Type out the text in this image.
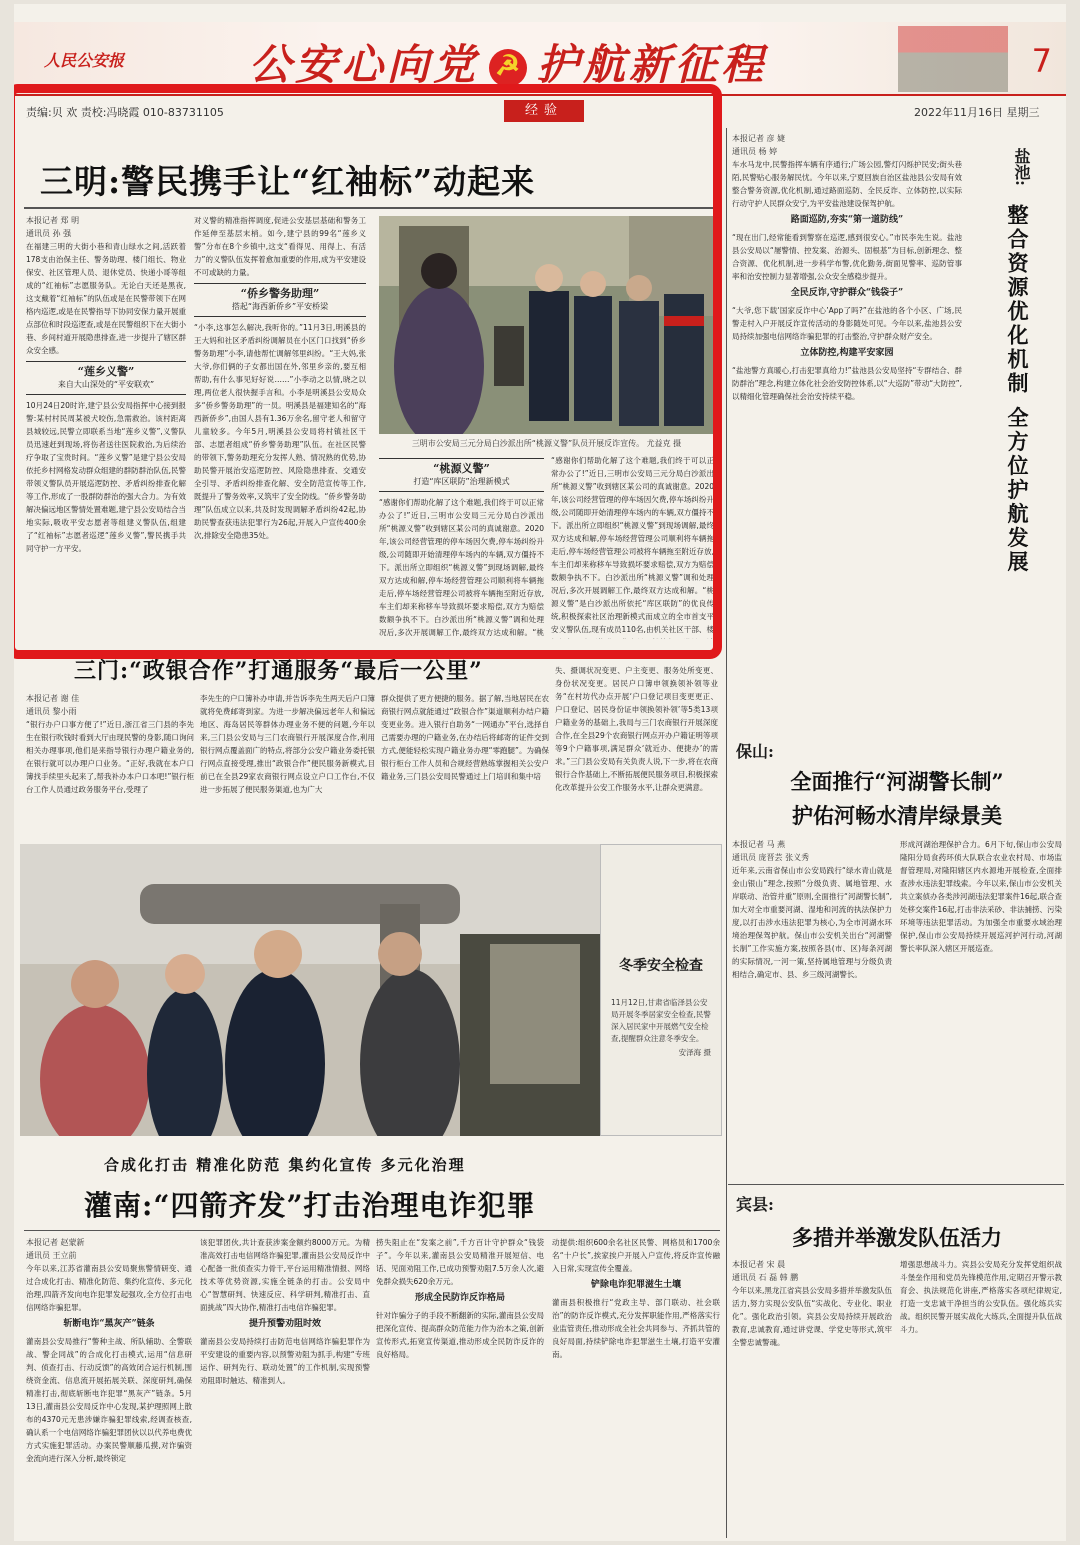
人民公安报	公安心向党☭ 护航新征程	7
责编:贝 欢 责校:冯晓霞 010-83731105	经验	2022年11月16日 星期三
三明:警民携手让“红袖标”动起来
本报记者 郑 明
通讯员 孙 强
在福建三明的大街小巷和青山绿水之间,活跃着178支由治保主任、警务助理、楼门组长、物业保安、社区管理人员、退休党员、快递小哥等组成的“红袖标”志愿服务队。无论白天还是黑夜,这支戴着“红袖标”的队伍或是在民警带领下在网格内巡逻,或是在民警指导下协同安保力量开展重点部位和时段巡逻查,或是在民警组织下在大街小巷、乡间村道开展隐患排查,进一步提升了辖区群众安全感。
“莲乡义警”
来自大山深处的“平安联欢”
10月24日20时许,建宁县公安局指挥中心接到报警:某村村民周某被犬咬伤,急需救治。该村距离县城较远,民警立即联系当地“莲乡义警”,义警队员迅速赶到现场,将伤者送往医院救治,为后续治疗争取了宝贵时间。“莲乡义警”是建宁县公安局依托乡村网格发动群众组建的群防群治队伍,民警带领义警队员开展巡逻防控、矛盾纠纷排查化解等工作,形成了一股群防群治的强大合力。为有效解决偏远地区警情处置难题,建宁县公安局结合当地实际,吸收平安志愿者等组建义警队伍,组建了“红袖标”志愿者巡逻“莲乡义警”,警民携手共同守护一方平安。
对义警的精准指挥调度,促进公安基层基础和警务工作延伸至基层末梢。如今,建宁县的99名“莲乡义警”分布在8个乡镇中,这支“看得见、用得上、有活力”的义警队伍发挥着愈加重要的作用,成为平安建设不可或缺的力量。
“侨乡警务助理”
搭起“海西新侨乡”平安桥梁
“小李,这事怎么解决,我听你的。”11月3日,明溪县的王大妈和社区矛盾纠纷调解员在小区门口找到“侨乡警务助理”小李,请他帮忙调解邻里纠纷。“王大妈,张大爷,你们俩的子女都出国在外,邻里乡亲的,要互相帮助,有什么事见好好说……”小李动之以情,晓之以理,两位老人很快握手言和。小李是明溪县公安局众多“侨乡警务助理”的一员。明溪县是福建知名的“海西新侨乡”,由国人县有1.36万余名,留守老人和留守儿童较多。今年5月,明溪县公安局将村镇社区干部、志愿者组成“侨乡警务助理”队伍。在社区民警的带领下,警务助理充分发挥人熟、情况熟的优势,协助民警开展治安巡逻防控、风险隐患排查、交通安全引导、矛盾纠纷排查化解、安全防范宣传等工作,既提升了警务效率,又筑牢了安全防线。“侨乡警务助理”队伍成立以来,共及时发现调解矛盾纠纷42起,协助民警查获违法犯罪行为26起,开展入户宣传400余次,排除安全隐患35处。
三明市公安局三元分局白沙派出所“桃源义警”队员开展反诈宣传。 尤益克 摄
“桃源义警”
打造“库区联防”治理新模式
“感谢你们帮助化解了这个难题,我们终于可以正常办公了!”近日,三明市公安局三元分局白沙派出所“桃源义警”收到辖区某公司的真诚谢意。2020年,该公司经营管理的停车场因欠费,停车场纠纷升级,公司随即开始清理停车场内的车辆,双方僵持不下。派出所立即组织“桃源义警”到现场调解,最终双方达成和解,停车场经营管理公司顺利将车辆拖走后,停车场经营管理公司被将车辆拖至附近存放,车主们却来称移车导致损坏要求赔偿,双方为赔偿数额争执不下。白沙派出所“桃源义警”调和处理况后,多次开展调解工作,最终双方达成和解。“桃
“感谢你们帮助化解了这个难题,我们终于可以正常办公了!”近日,三明市公安局三元分局白沙派出所“桃源义警”收到辖区某公司的真诚谢意。2020年,该公司经营管理的停车场因欠费,停车场纠纷升级,公司随即开始清理停车场内的车辆,双方僵持不下。派出所立即组织“桃源义警”到现场调解,最终双方达成和解,停车场经营管理公司顺利将车辆拖走后,停车场经营管理公司被将车辆拖至附近存放,车主们却来称移车导致损坏要求赔偿,双方为赔偿数额争执不下。白沙派出所“桃源义警”调和处理况后,多次开展调解工作,最终双方达成和解。“桃源义警”是白沙派出所依托“库区联防”的优良传统,积极探索社区治理新模式而成立的全市首支平安义警队伍,现有成员110名,由机关社区干部、楼
三门:“政银合作”打通服务“最后一公里”
本报记者 谢 佳
通讯员 黎小雨
“银行办户口事方便了!”近日,浙江省三门县的李先生在银行吹钱时看到大厅由现民警的身影,随口询问相关办理事项,他们是来指导银行办理户籍业务的,在银行就可以办理户口业务。“正好,我就在本户口簿找手续里头起来了,帮我补办本户口本吧!”银行柜台工作人员通过政务服务平台,受理了
李先生的户口簿补办申请,并告诉李先生两天后户口簿就将免费邮寄到家。为进一步解决偏远老年人和偏远地区、海岛居民等群体办理业务不便的问题,今年以来,三门县公安局与三门农商银行开展深度合作,利用银行网点覆盖面广的特点,将部分公安户籍业务委托银行网点直接受理,推出“政银合作”便民服务新模式,目前已在全县29家农商银行网点设立户口工作台,不仅进一步拓展了便民服务渠道,也为广大
群众提供了更方便捷的服务。据了解,当地居民在农商银行网点就能通过“政银合作”渠道顺利办结户籍变更业务。进入银行自助务“一网通办”平台,选择自己需要办理的户籍业务,在办结后将邮寄的证件交到方式,便能轻松实现户籍业务办理“零跑腿”。为确保银行柜台工作人员和合规经营熟练掌握相关公安户籍业务,三门县公安局民警通过上门培训和集中培
失、摄调状况变更、户主变更、服务处所变更、身份状况变更。居民户口簿申领换领补领等业务“在村坊代办点开展‘户口登记项目变更更正、户口登记、居民身份证申领换领补领’等5类13项户籍业务的基础上,我局与三门农商银行开展深度合作,在全县29个农商银行网点开办户籍证明等项等9个户籍事项,满足群众‘就近办、便捷办’的需求。”三门县公安局有关负责人说,下一步,将在农商银行合作基础上,不断拓展便民服务项目,积极探索化改革提升公安工作服务水平,让群众更满意。
冬季安全检查
11月12日,甘肃省临泽县公安局开展冬季居家安全检查,民警深入居民家中开展燃气安全检查,提醒群众注意冬季安全。
安泽海 摄
合成化打击 精准化防范 集约化宣传 多元化治理
灌南:“四箭齐发”打击治理电诈犯罪
本报记者 赵蒙新
通讯员 王立前
今年以来,江苏省灌南县公安局聚焦警情研变、通过合成化打击、精准化防范、集约化宣传、多元化治理,四箭齐发向电诈犯罪发起强攻,全方位打击电信网络诈骗犯罪。
斩断电诈“黑灰产”链条
灌南县公安局推行“警种主战、所队辅助、全警联战、警企同战”的合成化打击模式,运用“信息研判、侦查打击、行动反馈”的高效闭合运行机制,围绕资金流、信息流开展拓展关联、深度研判,确保精准打击,彻底斩断电诈犯罪“黑灰产”链条。5月13日,灌南县公安局反诈中心发现,某护理照网上散布的4370元无患涉嫌诈骗犯罪线索,经调查核查,确认系一个电信网络诈骗犯罪团伙以以代养电费优方式实施犯罪活动。办案民警顺藤瓜摸,对诈骗资金流向进行深入分析,最终锁定
该犯罪团伙,共计查获涉案金额约8000万元。为精准高效打击电信网络诈骗犯罪,灌南县公安局反诈中心配备一批侦查实力骨干,平台运用精准情报、网络技术等优势资源,实施全链条的打击。公安局中心“智慧研判、快速反应、科学研判,精准打击、直面挑战”四大协作,精准打击电信诈骗犯罪。
提升预警劝阻时效
灌南县公安局持续打击防范电信网络诈骗犯罪作为平安建设的重要内容,以预警劝阻为抓手,构建“专班运作、研判先行、联动处置”的工作机制,实现预警劝阻即时触达、精准到人。
捞失阻止在“发案之前”,千方百计守护群众“钱袋子”。今年以来,灌南县公安局精准开展短信、电话、见面劝阻工作,已成功预警劝阻7.5万余人次,避免群众损失620余万元。
形成全民防诈反诈格局
针对诈骗分子的手段不断翻新的实际,灌南县公安局把深化宣传、提高群众防范能力作为治本之策,创新宣传形式,拓宽宣传渠道,推动形成全民防诈反诈的良好格局。
动提供:组织600余名社区民警、网格员和1700余名“十户长”,挨家挨户开展入户宣传,将反诈宣传融入日常,实现宣传全覆盖。
铲除电诈犯罪滋生土壤
灌南县积极推行“党政主导、部门联动、社会联治”的防诈反诈模式,充分发挥职能作用,严格落实行业监管责任,推动形成全社会共同参与、齐抓共管的良好局面,持续铲除电诈犯罪滋生土壤,打造平安灌南。
本报记者 彦 婕
通讯员 杨 婷
车水马龙中,民警指挥车辆有序通行;广场公园,警灯闪烁护民安;街头巷陌,民警贴心服务解民忧。今年以来,宁夏回族自治区盐池县公安局有效整合警务资源,优化机制,通过路面巡防、全民反诈、立体防控,以实际行动守护人民群众安宁,为平安盐池建设保驾护航。
路面巡防,夯实“第一道防线”
“现在出门,经常能看到警察在巡逻,感到很安心。”市民李先生说。盐池县公安局以“屡警情、控发案、治源头、固根基”为目标,创新理念、整合资源、优化机制,进一步科学布警,优化勤务,街面见警率、巡防管事率和治安控制力显著增强,公众安全感稳步提升。
全民反诈,守护群众“钱袋子”
“大爷,您下载‘国家反诈中心’App了吗?”在盐池的各个小区、广场,民警走村入户开展反诈宣传活动的身影随处可见。今年以来,盐池县公安局持续加强电信网络诈骗犯罪的打击整治,守护群众财产安全。
立体防控,构建平安家园
“盐池警方真暖心,打击犯罪真给力!”盐池县公安局坚持“专群结合、群防群治”理念,构建立体化社会治安防控体系,以“大巡防”带动“大防控”,以精细化管理确保社会治安持续平稳。
盐池:
整合资源优化机制 全方位护航发展
保山:
全面推行“河湖警长制”
护佑河畅水清岸绿景美
本报记者 马 燕
通讯员 庞晋芸 张义秀
近年来,云南省保山市公安局践行“绿水青山就是金山银山”理念,按照“分级负责、属地管理、水岸联动、治管并重”原则,全面推行“河湖警长制”,加大对全市重要河湖、湿地和河流的执法保护力度,以打击涉水违法犯罪为核心,为全市河湖水环境治理保驾护航。保山市公安机关出台“河湖警长制”工作实施方案,按照各县(市、区)每条河湖的实际情况,一河一策,坚持属地管理与分级负责相结合,确定市、县、乡三级河湖警长。
形成河湖治理保护合力。6月下旬,保山市公安局隆阳分局食药环侦大队联合农业农村局、市场监督管理局,对隆阳辖区内水源地开展检查,全面排查涉水违法犯罪线索。今年以来,保山市公安机关共立案侦办各类涉河湖违法犯罪案件16起,联合查处移交案件16起,打击非法采砂、非法捕捞、污染环境等违法犯罪活动。为加强全市重要水域治理保护,保山市公安局持续开展巡河护河行动,河湖警长率队深入辖区开展巡查。
宾县:
多措并举激发队伍活力
本报记者 宋 晨
通讯员 石 磊 韩 鹏
今年以来,黑龙江省宾县公安局多措并举激发队伍活力,努力实现公安队伍“实战化、专业化、职业化”。强化政治引领。宾县公安局持续开展政治教育,忠诚教育,通过讲党课、学党史等形式,筑牢全警忠诚警魂。
增强思想战斗力。宾县公安局充分发挥党组织战斗堡垒作用和党员先锋模范作用,定期召开警示教育会、执法规范化讲座,严格落实各项纪律规定,打造一支忠诚干净担当的公安队伍。强化练兵实战。组织民警开展实战化大练兵,全面提升队伍战斗力。
